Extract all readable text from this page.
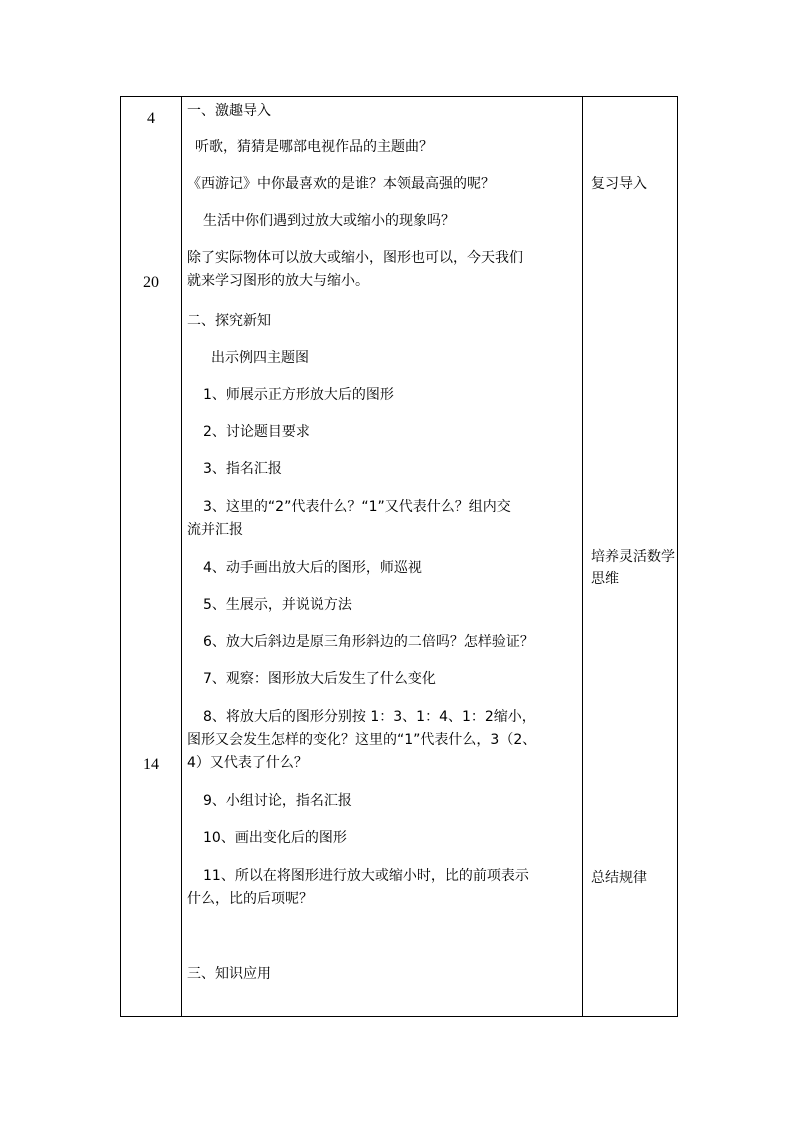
4
20
14
一、激趣导入
听歌，猜猜是哪部电视作品的主题曲？
《西游记》中你最喜欢的是谁？本领最高强的呢？
生活中你们遇到过放大或缩小的现象吗？
除了实际物体可以放大或缩小，图形也可以，今天我们
就来学习图形的放大与缩小。
二、探究新知
出示例四主题图
1、师展示正方形放大后的图形
2、讨论题目要求
3、指名汇报
3、这里的“2”代表什么？“1”又代表什么？组内交
流并汇报
4、动手画出放大后的图形，师巡视
5、生展示，并说说方法
6、放大后斜边是原三角形斜边的二倍吗？怎样验证？
7、观察：图形放大后发生了什么变化
8、将放大后的图形分别按 1：3、1：4、1：2缩小，
图形又会发生怎样的变化？这里的“1”代表什么，3（2、
4）又代表了什么？
9、小组讨论，指名汇报
10、画出变化后的图形
11、所以在将图形进行放大或缩小时，比的前项表示
什么，比的后项呢？
三、知识应用
复习导入
培养灵活数学思维
总结规律
